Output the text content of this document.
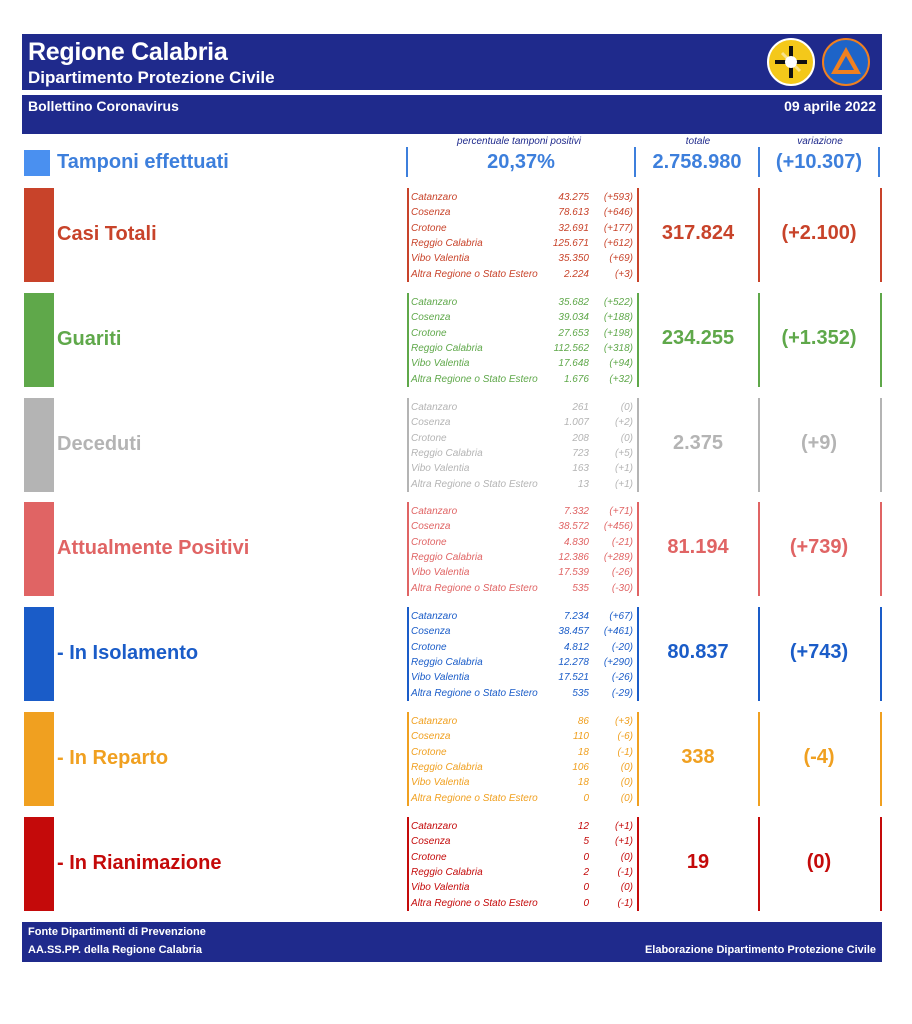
Regione Calabria
Dipartimento Protezione Civile
Bollettino Coronavirus	09 aprile 2022
percentuale tamponi positivi	totale	variazione
Tamponi effettuati	20,37%	2.758.980	(+10.307)
Casi Totali
Catanzaro	43.275 (+593)
Cosenza	78.613 (+646)
Crotone	32.691 (+177)
Reggio Calabria	125.671 (+612)
Vibo Valentia	35.350 (+69)
Altra Regione o Stato Estero	2.224	(+3)
317.824	(+2.100)
Guariti
Catanzaro	35.682 (+522)
Cosenza	39.034 (+188)
Crotone	27.653 (+198)
Reggio Calabria	112.562 (+318)
Vibo Valentia	17.648 (+94)
Altra Regione o Stato Estero	1.676 (+32)
234.255	(+1.352)
Deceduti
Catanzaro	261	(0)
Cosenza	1.007	(+2)
Crotone	208	(0)
Reggio Calabria	723	(+5)
Vibo Valentia	163	(+1)
Altra Regione o Stato Estero	13	(+1)
2.375	(+9)
Attualmente Positivi
Catanzaro	7.332 (+71)
Cosenza	38.572 (+456)
Crotone	4.830 (-21)
Reggio Calabria	12.386 (+289)
Vibo Valentia	17.539 (-26)
Altra Regione o Stato Estero	535 (-30)
81.194	(+739)
- In Isolamento
Catanzaro	7.234 (+67)
Cosenza	38.457 (+461)
Crotone	4.812 (-20)
Reggio Calabria	12.278 (+290)
Vibo Valentia	17.521 (-26)
Altra Regione o Stato Estero	535 (-29)
80.837	(+743)
- In Reparto
Catanzaro	86	(+3)
Cosenza	110	(-6)
Crotone	18	(-1)
Reggio Calabria	106	(0)
Vibo Valentia	18	(0)
Altra Regione o Stato Estero	0	(0)
338	(-4)
- In Rianimazione
Catanzaro	12	(+1)
Cosenza	5	(+1)
Crotone	0	(0)
Reggio Calabria	2	(-1)
Vibo Valentia	0	(0)
Altra Regione o Stato Estero	0	(-1)
19	(0)
Fonte Dipartimenti di Prevenzione
AA.SS.PP. della Regione Calabria	Elaborazione Dipartimento Protezione Civile
